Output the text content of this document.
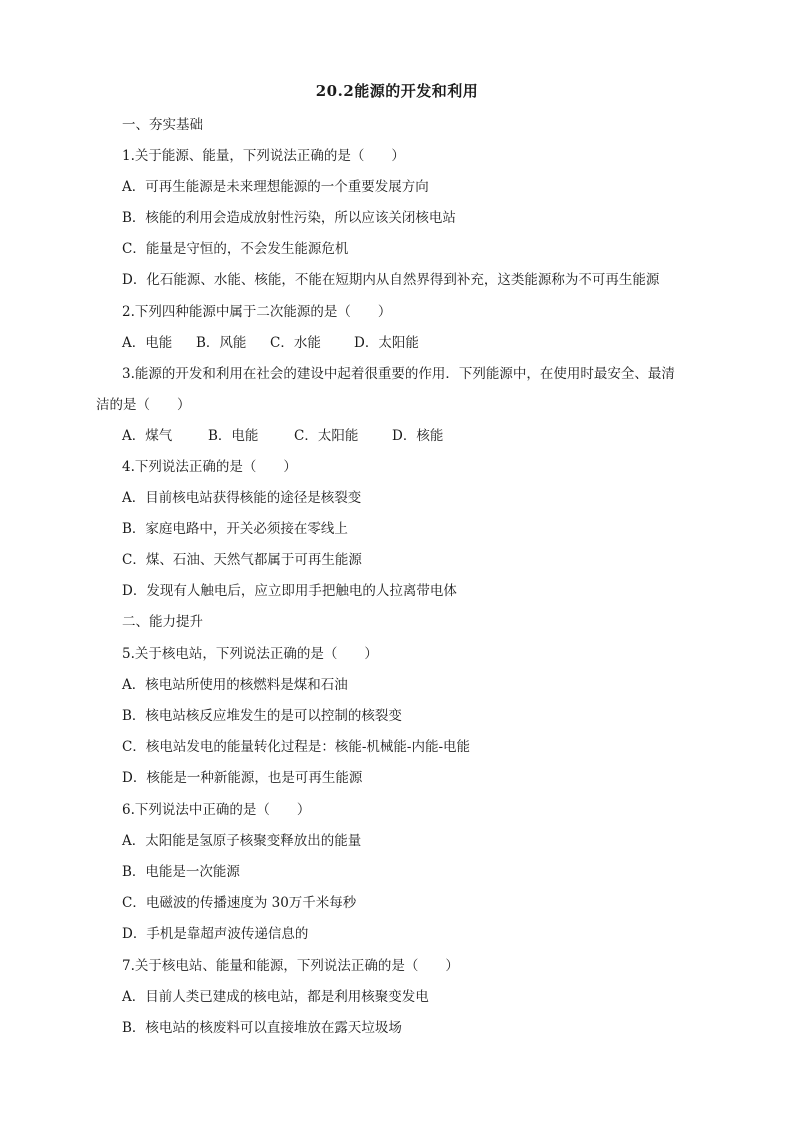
20.2能源的开发和利用
一、夯实基础
1.关于能源、能量，下列说法正确的是（　　）
A．可再生能源是未来理想能源的一个重要发展方向
B．核能的利用会造成放射性污染，所以应该关闭核电站
C．能量是守恒的，不会发生能源危机
D．化石能源、水能、核能，不能在短期内从自然界得到补充，这类能源称为不可再生能源
2.下列四种能源中属于二次能源的是（　　）
A．电能	B．风能	C．水能	D．太阳能
3.能源的开发和利用在社会的建设中起着很重要的作用．下列能源中，在使用时最安全、最清
洁的是（　　）
A．煤气	B．电能	C．太阳能	D．核能
4.下列说法正确的是（　　）
A．目前核电站获得核能的途径是核裂变
B．家庭电路中，开关必须接在零线上
C．煤、石油、天然气都属于可再生能源
D．发现有人触电后，应立即用手把触电的人拉离带电体
二、能力提升
5.关于核电站，下列说法正确的是（　　）
A．核电站所使用的核燃料是煤和石油
B．核电站核反应堆发生的是可以控制的核裂变
C．核电站发电的能量转化过程是：核能-机械能-内能-电能
D．核能是一种新能源，也是可再生能源
6.下列说法中正确的是（　　）
A．太阳能是氢原子核聚变释放出的能量
B．电能是一次能源
C．电磁波的传播速度为 30万千米每秒
D．手机是靠超声波传递信息的
7.关于核电站、能量和能源，下列说法正确的是（　　）
A．目前人类已建成的核电站，都是利用核聚变发电
B．核电站的核废料可以直接堆放在露天垃圾场
